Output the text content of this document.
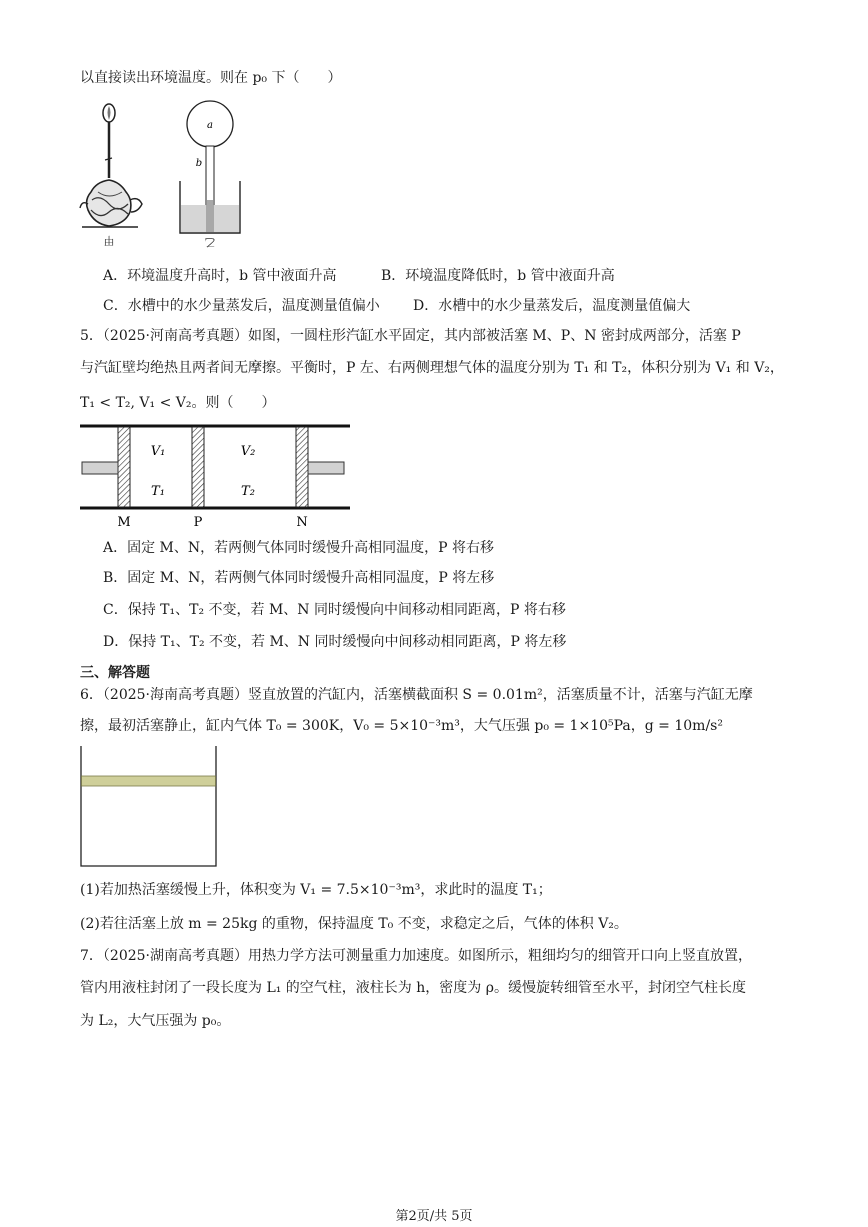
以直接读出环境温度。则在 p₀ 下（　　）
甲
a
b
乙
A．环境温度升高时，b 管中液面升高	B．环境温度降低时，b 管中液面升高
C．水槽中的水少量蒸发后，温度测量值偏小 D．水槽中的水少量蒸发后，温度测量值偏大
5．（2025·河南高考真题）如图，一圆柱形汽缸水平固定，其内部被活塞 M、P、N 密封成两部分，活塞 P
与汽缸壁均绝热且两者间无摩擦。平衡时，P 左、右两侧理想气体的温度分别为 T₁ 和 T₂，体积分别为 V₁ 和 V₂，
T₁ < T₂, V₁ < V₂。则（　　）
V₁
T₁
V₂
T₂
M	P	N
A．固定 M、N，若两侧气体同时缓慢升高相同温度，P 将右移
B．固定 M、N，若两侧气体同时缓慢升高相同温度，P 将左移
C．保持 T₁、T₂ 不变，若 M、N 同时缓慢向中间移动相同距离，P 将右移
D．保持 T₁、T₂ 不变，若 M、N 同时缓慢向中间移动相同距离，P 将左移
三、解答题
6．（2025·海南高考真题）竖直放置的汽缸内，活塞横截面积 S = 0.01m²，活塞质量不计，活塞与汽缸无摩
擦，最初活塞静止，缸内气体 T₀ = 300K，V₀ = 5×10⁻³m³，大气压强 p₀ = 1×10⁵Pa，g = 10m/s²
(1)若加热活塞缓慢上升，体积变为 V₁ = 7.5×10⁻³m³，求此时的温度 T₁；
(2)若往活塞上放 m = 25kg 的重物，保持温度 T₀ 不变，求稳定之后，气体的体积 V₂。
7．（2025·湖南高考真题）用热力学方法可测量重力加速度。如图所示，粗细均匀的细管开口向上竖直放置，
管内用液柱封闭了一段长度为 L₁ 的空气柱，液柱长为 h，密度为 ρ。缓慢旋转细管至水平，封闭空气柱长度
为 L₂，大气压强为 p₀。
第2页/共 5页
